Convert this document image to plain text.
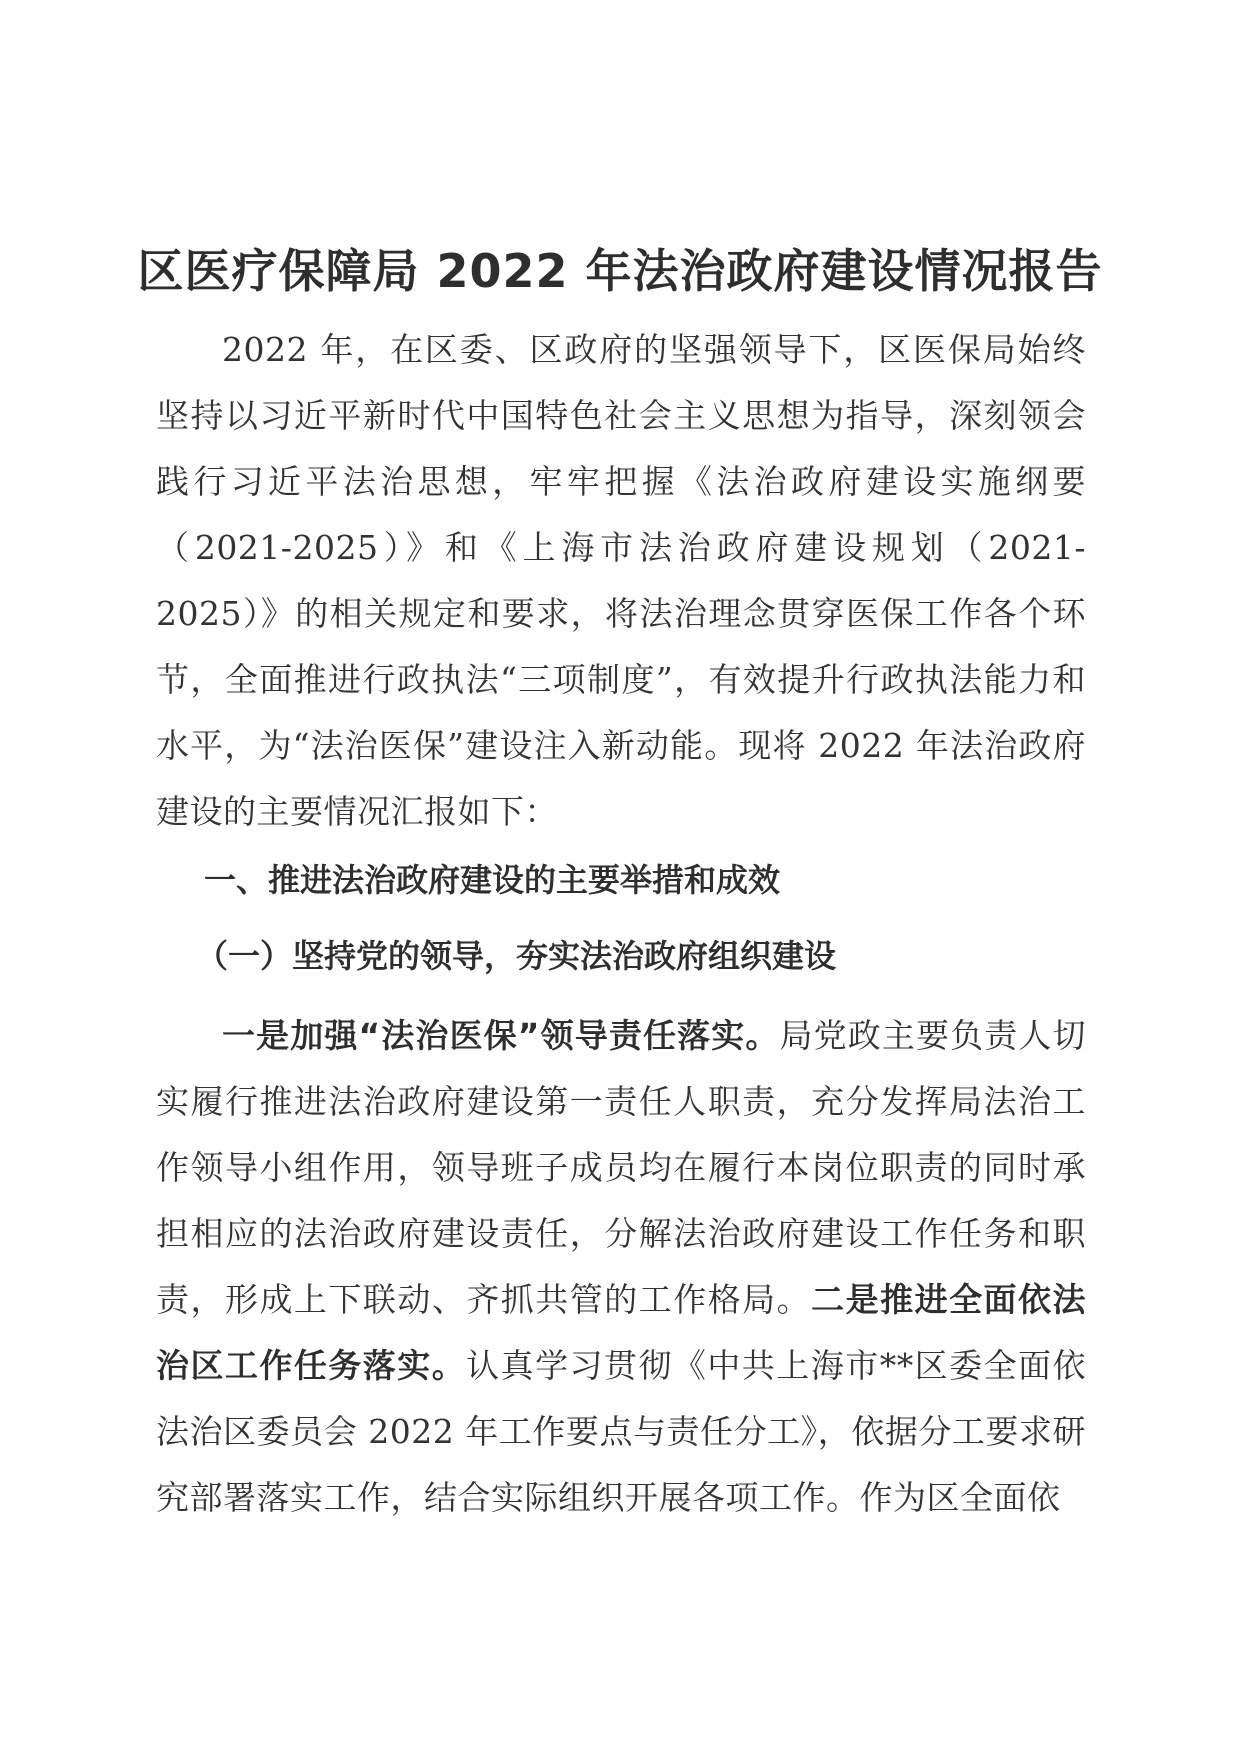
区医疗保障局 2022 年法治政府建设情况报告
2022 年，在区委、区政府的坚强领导下，区医保局始终坚持以习近平新时代中国特色社会主义思想为指导，深刻领会践行习近平法治思想，牢牢把握《法治政府建设实施纲要（2021-2025）》和《上海市法治政府建设规划（2021-2025）》的相关规定和要求，将法治理念贯穿医保工作各个环节，全面推进行政执法“三项制度”，有效提升行政执法能力和水平，为“法治医保”建设注入新动能。现将 2022 年法治政府建设的主要情况汇报如下：
一、推进法治政府建设的主要举措和成效
（一）坚持党的领导，夯实法治政府组织建设
一是加强“法治医保”领导责任落实。局党政主要负责人切实履行推进法治政府建设第一责任人职责，充分发挥局法治工作领导小组作用，领导班子成员均在履行本岗位职责的同时承担相应的法治政府建设责任，分解法治政府建设工作任务和职责，形成上下联动、齐抓共管的工作格局。二是推进全面依法治区工作任务落实。认真学习贯彻《中共上海市**区委全面依法治区委员会 2022 年工作要点与责任分工》，依据分工要求研究部署落实工作，结合实际组织开展各项工作。作为区全面依
